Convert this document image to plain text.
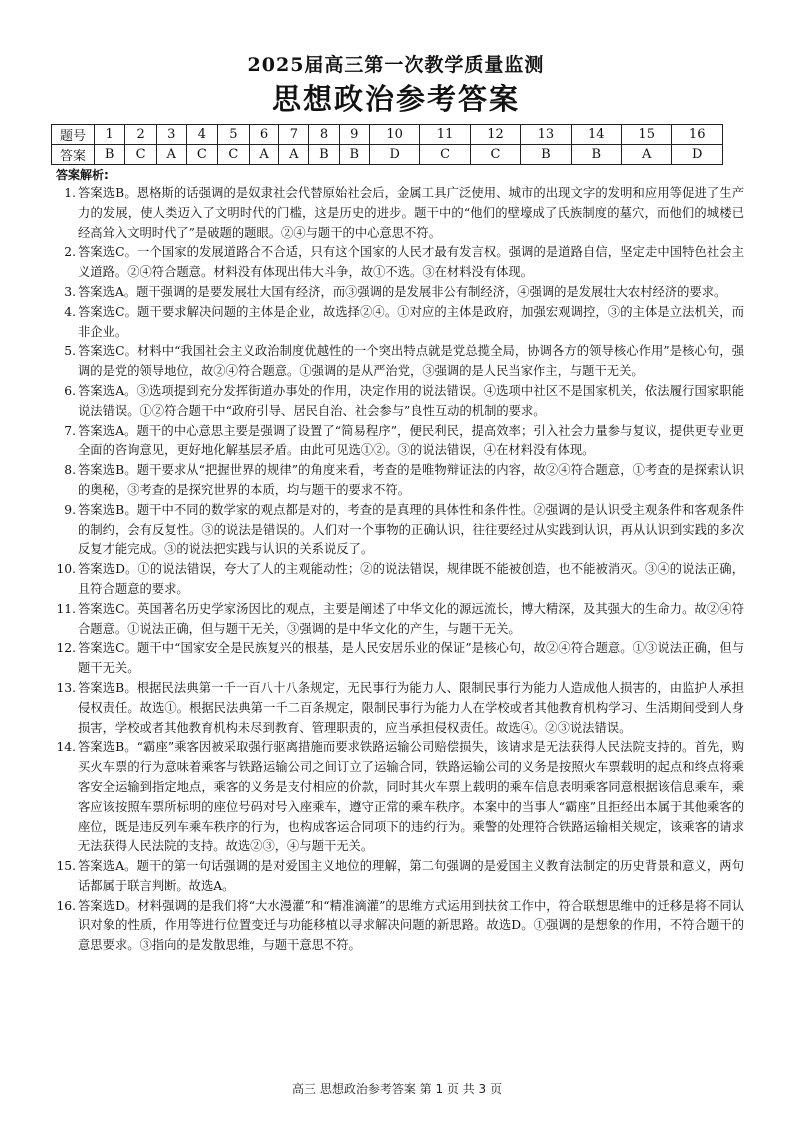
2025届高三第一次教学质量监测
思想政治参考答案
题号	1	2	3	4	5	6	7	8	9	10	11	12	13	14	15	16
答案	B	C	A	C	C	A	A	B	B	D	C	C	B	B	A	D
答案解析:
1. 答案选B。恩格斯的话强调的是奴隶社会代替原始社会后，金属工具广泛使用、城市的出现文字的发明和应用等促进了生产力的发展，使人类迈入了文明时代的门槛，这是历史的进步。题干中的“他们的壁壕成了氏族制度的墓穴，而他们的城楼已经高耸入文明时代了”是破题的题眼。②④与题干的中心意思不符。
2. 答案选C。一个国家的发展道路合不合适，只有这个国家的人民才最有发言权。强调的是道路自信，坚定走中国特色社会主义道路。②④符合题意。材料没有体现出伟大斗争，故①不选。③在材料没有体现。
3. 答案选A。题干强调的是要发展壮大国有经济，而③强调的是发展非公有制经济，④强调的是发展壮大农村经济的要求。
4. 答案选C。题干要求解决问题的主体是企业，故选择②④。①对应的主体是政府，加强宏观调控，③的主体是立法机关，而非企业。
5. 答案选C。材料中“我国社会主义政治制度优越性的一个突出特点就是党总揽全局，协调各方的领导核心作用”是核心句，强调的是党的领导地位，故②④符合题意。①强调的是从严治党，③强调的是人民当家作主，与题干无关。
6. 答案选A。③选项提到充分发挥街道办事处的作用，决定作用的说法错误。④选项中社区不是国家机关，依法履行国家职能说法错误。①②符合题干中“政府引导、居民自治、社会参与”良性互动的机制的要求。
7. 答案选A。题干的中心意思主要是强调了设置了“简易程序”，便民利民，提高效率；引入社会力量参与复议，提供更专业更全面的咨询意见，更好地化解基层矛盾。由此可见选①②。③的说法错误，④在材料没有体现。
8. 答案选B。题干要求从“把握世界的规律”的角度来看，考查的是唯物辩证法的内容，故②④符合题意，①考查的是探索认识的奥秘，③考查的是探究世界的本质，均与题干的要求不符。
9. 答案选B。题干中不同的数学家的观点都是对的，考查的是真理的具体性和条件性。②强调的是认识受主观条件和客观条件的制约，会有反复性。③的说法是错误的。人们对一个事物的正确认识，往往要经过从实践到认识，再从认识到实践的多次反复才能完成。③的说法把实践与认识的关系说反了。
10. 答案选D。①的说法错误，夸大了人的主观能动性；②的说法错误，规律既不能被创造，也不能被消灭。③④的说法正确，且符合题意的要求。
11. 答案选C。英国著名历史学家汤因比的观点，主要是阐述了中华文化的源远流长，博大精深，及其强大的生命力。故②④符合题意。①说法正确，但与题干无关，③强调的是中华文化的产生，与题干无关。
12. 答案选C。题干中“国家安全是民族复兴的根基，是人民安居乐业的保证”是核心句，故②④符合题意。①③说法正确，但与题干无关。
13. 答案选B。根据民法典第一千一百八十八条规定，无民事行为能力人、限制民事行为能力人造成他人损害的，由监护人承担侵权责任。故选①。根据民法典第一千二百条规定，限制民事行为能力人在学校或者其他教育机构学习、生活期间受到人身损害，学校或者其他教育机构未尽到教育、管理职责的，应当承担侵权责任。故选④。②③说法错误。
14. 答案选B。“霸座”乘客因被采取强行驱离措施而要求铁路运输公司赔偿损失，该请求是无法获得人民法院支持的。首先，购买火车票的行为意味着乘客与铁路运输公司之间订立了运输合同，铁路运输公司的义务是按照火车票载明的起点和终点将乘客安全运输到指定地点，乘客的义务是支付相应的价款，同时其火车票上载明的乘车信息表明乘客同意根据该信息乘车，乘客应该按照车票所标明的座位号码对号入座乘车，遵守正常的乘车秩序。本案中的当事人“霸座”且拒经出本属于其他乘客的座位，既是违反列车乘车秩序的行为，也构成客运合同项下的违约行为。乘警的处理符合铁路运输相关规定，该乘客的请求无法获得人民法院的支持。故选②③，④与题干无关。
15. 答案选A。题干的第一句话强调的是对爱国主义地位的理解，第二句强调的是爱国主义教育法制定的历史背景和意义，两句话都属于联言判断。故选A。
16. 答案选D。材料强调的是我们将“大水漫灌”和“精准滴灌”的思维方式运用到扶贫工作中，符合联想思维中的迁移是将不同认识对象的性质，作用等进行位置变迁与功能移植以寻求解决问题的新思路。故选D。①强调的是想象的作用，不符合题干的意思要求。③指向的是发散思维，与题干意思不符。
高三 思想政治参考答案 第 1 页 共 3 页
